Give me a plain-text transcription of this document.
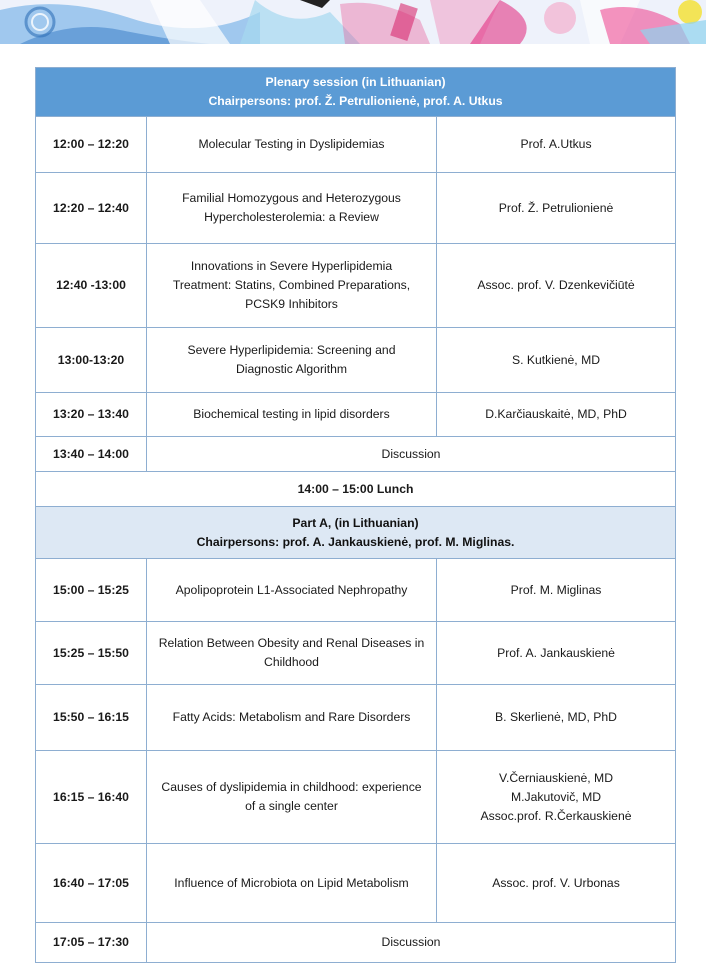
Plenary session (in Lithuanian)
Chairpersons: prof. Ž. Petrulionienė, prof. A. Utkus		

12:00 – 12:20	Molecular Testing in Dyslipidemias	Prof. A.Utkus

12:20 – 12:40	Familial Homozygous and Heterozygous
Hypercholesterolemia: a Review	Prof. Ž. Petrulionienė

12:40 -13:00	Innovations in Severe Hyperlipidemia
Treatment: Statins, Combined Preparations,
PCSK9 Inhibitors	Assoc. prof. V. Dzenkevičiūtė

13:00-13:20	Severe Hyperlipidemia: Screening and
Diagnostic Algorithm	S. Kutkienė, MD

13:20 – 13:40	Biochemical testing in lipid disorders	D.Karčiauskaitė, MD, PhD

13:40 – 14:00	Discussion	
14:00 – 15:00 Lunch		

Part A, (in Lithuanian)
Chairpersons: prof. A. Jankauskienė, prof. M. Miglinas.		

15:00 – 15:25	Apolipoprotein L1-Associated Nephropathy	Prof. M. Miglinas

15:25 – 15:50	Relation Between Obesity and Renal Diseases in
Childhood	Prof. A. Jankauskienė

15:50 – 16:15	Fatty Acids: Metabolism and Rare Disorders	B. Skerlienė, MD, PhD

16:15 – 16:40	Causes of dyslipidemia in childhood: experience
of a single center	V.Černiauskienė, MD
M.Jakutovič, MD
Assoc.prof. R.Čerkauskienė

16:40 – 17:05	Influence of Microbiota on Lipid Metabolism	Assoc. prof. V. Urbonas

17:05 – 17:30	Discussion	
